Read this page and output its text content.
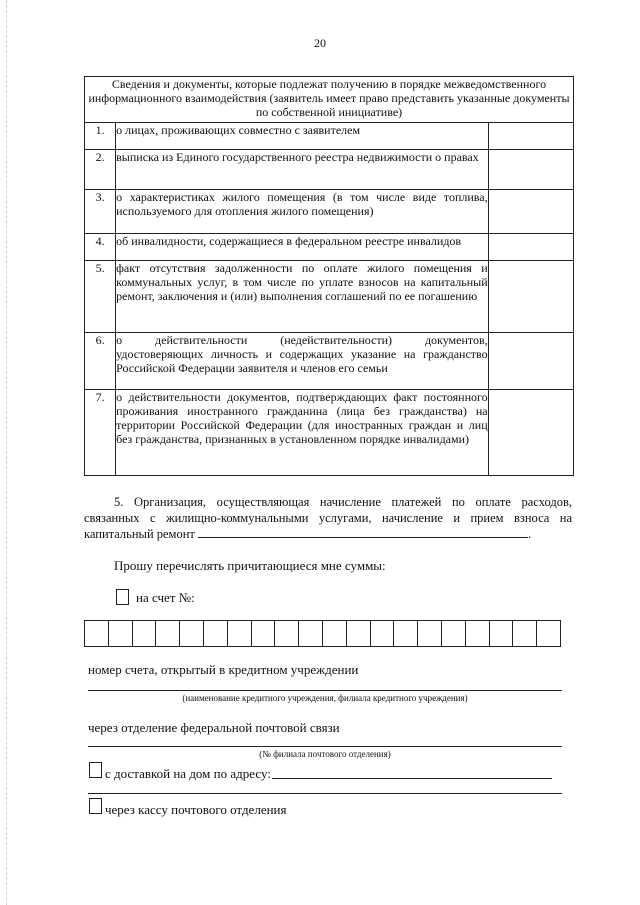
20
Сведения и документы, которые подлежат получению в порядке межведомственного информационного взаимодействия (заявитель имеет право представить указанные документы по собственной инициативе)		
1.	о лицах, проживающих совместно с заявителем	
2.	выписка из Единого государственного реестра недвижимости о правах	
3.	о характеристиках жилого помещения (в том числе виде топлива, используемого для отопления жилого помещения)	
4.	об инвалидности, содержащиеся в федеральном реестре инвалидов	
5.	факт отсутствия задолженности по оплате жилого помещения и коммунальных услуг, в том числе по уплате взносов на капитальный ремонт, заключения и (или) выполнения соглашений по ее погашению	
6.	о действительности (недействительности) документов, удостоверяющих личность и содержащих указание на гражданство Российской Федерации заявителя и членов его семьи	
7.	о действительности документов, подтверждающих факт постоянного проживания иностранного гражданина (лица без гражданства) на территории Российской Федерации (для иностранных граждан и лиц без гражданства, признанных в установленном порядке инвалидами)	
5. Организация, осуществляющая начисление платежей по оплате расходов, связанных с жилищно-коммунальными услугами, начисление и прием взноса на капитальный ремонт	.
Прошу перечислять причитающиеся мне суммы:
на счет №:
номер счета, открытый в кредитном учреждении
(наименование кредитного учреждения, филиала кредитного учреждения)
через отделение федеральной почтовой связи
(№ филиала почтового отделения)
с доставкой на дом по адресу:
через кассу почтового отделения
